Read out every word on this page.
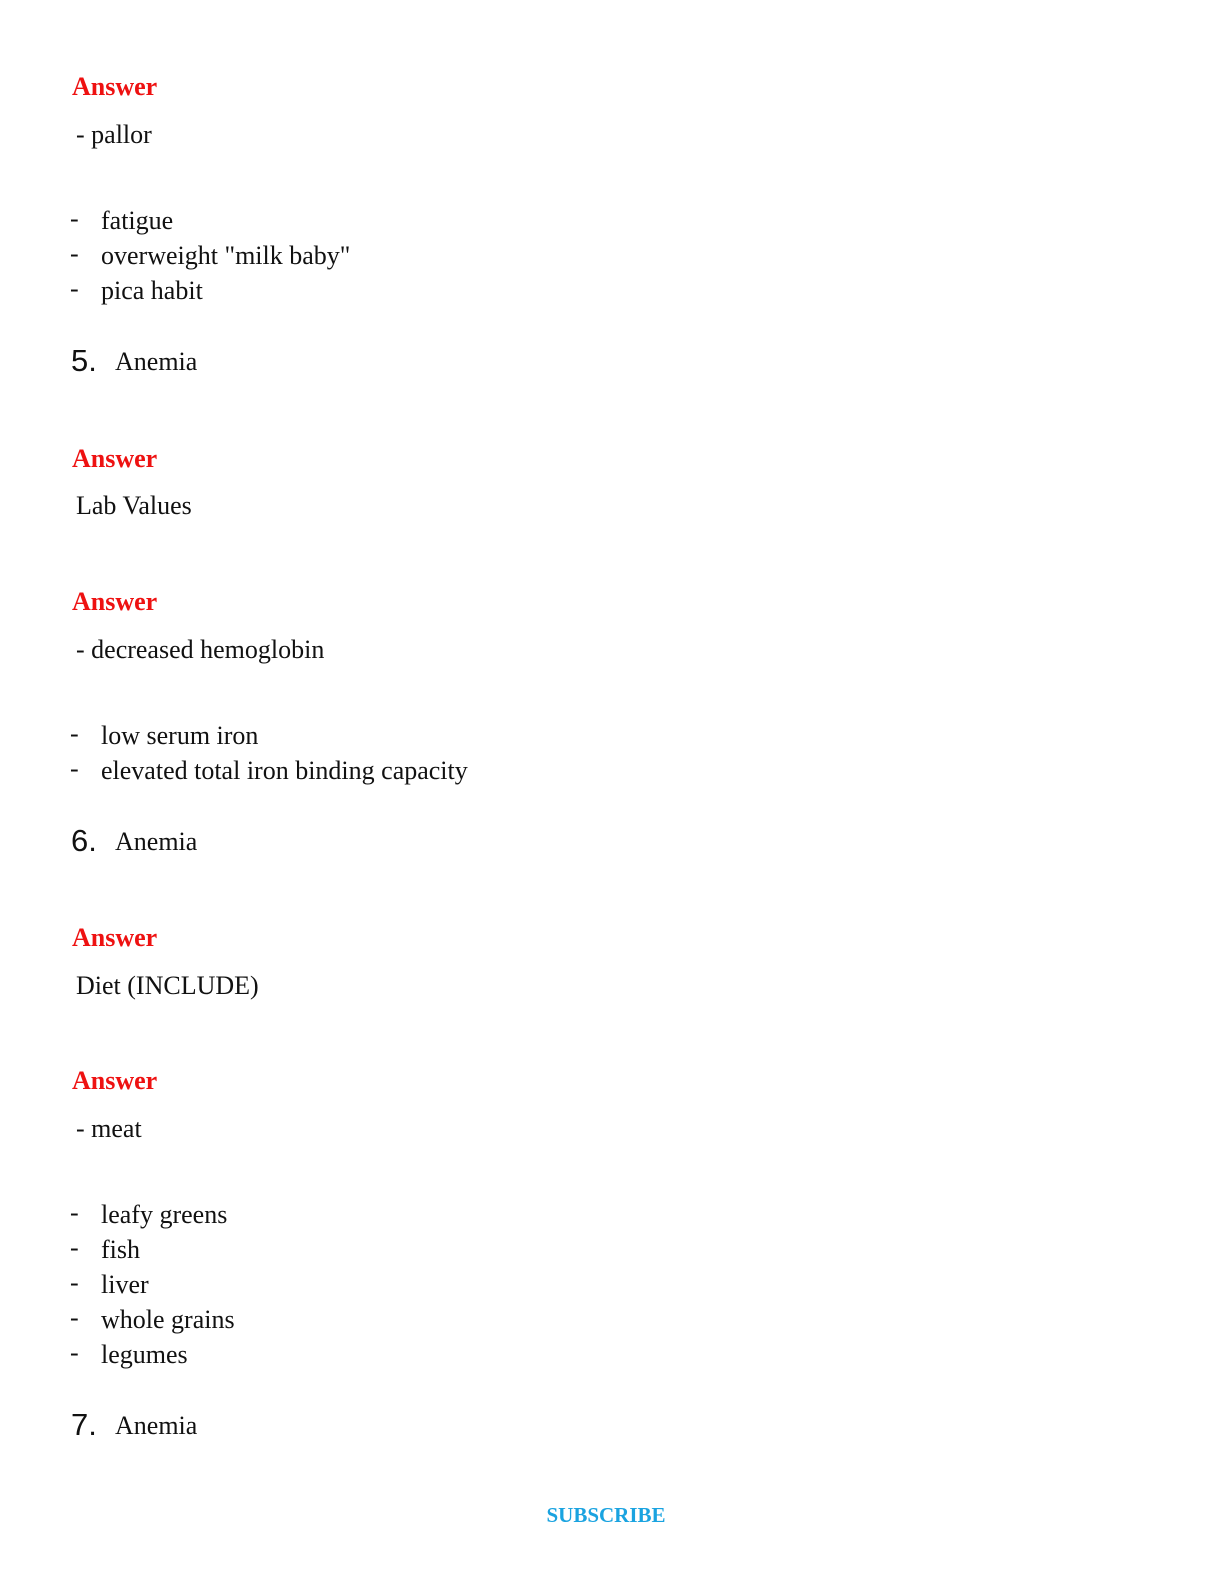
Answer
- pallor
- fatigue
- overweight "milk baby"
- pica habit
5. Anemia
Answer
Lab Values
Answer
- decreased hemoglobin
- low serum iron
- elevated total iron binding capacity
6. Anemia
Answer
Diet (INCLUDE)
Answer
- meat
- leafy greens
- fish
- liver
- whole grains
- legumes
7. Anemia
SUBSCRIBE
